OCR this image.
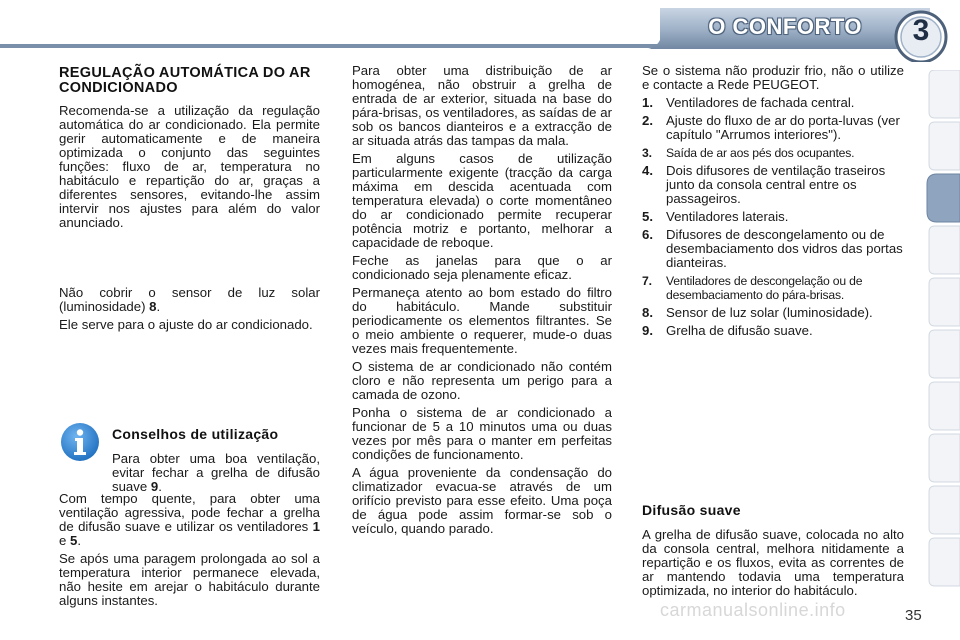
O CONFORTO	3
REGULAÇÃO AUTOMÁTICA DO AR CONDICIONADO

Recomenda-se a utilização da regulação automática do ar condicionado. Ela permite gerir automaticamente e de maneira optimizada o conjunto das seguintes funções: fluxo de ar, temperatura no habitáculo e repartição do ar, graças a diferentes sensores, evitando-lhe assim intervir nos ajustes para além do valor anunciado.

Não cobrir o sensor de luz solar (luminosidade) 8.

Ele serve para o ajuste do ar condicionado.

Conselhos de utilização

Para obter uma boa ventilação, evitar fechar a grelha de difusão suave 9.

Com tempo quente, para obter uma ventilação agressiva, pode fechar a grelha de difusão suave e utilizar os ventiladores 1 e 5.

Se após uma paragem prolongada ao sol a temperatura interior permanece elevada, não hesite em arejar o habitáculo durante alguns instantes.

Para obter uma distribuição de ar homogénea, não obstruir a grelha de entrada de ar exterior, situada na base do pára-brisas, os ventiladores, as saídas de ar sob os bancos dianteiros e a extracção de ar situada atrás das tampas da mala.

Em alguns casos de utilização particularmente exigente (tracção da carga máxima em descida acentuada com temperatura elevada) o corte momentâneo do ar condicionado permite recuperar potência motriz e portanto, melhorar a capacidade de reboque.

Feche as janelas para que o ar condicionado seja plenamente eficaz.

Permaneça atento ao bom estado do filtro do habitáculo. Mande substituir periodicamente os elementos filtrantes. Se o meio ambiente o requerer, mude-o duas vezes mais frequentemente.

O sistema de ar condicionado não contém cloro e não representa um perigo para a camada de ozono.

Ponha o sistema de ar condicionado a funcionar de 5 a 10 minutos uma ou duas vezes por mês para o manter em perfeitas condições de funcionamento.

A água proveniente da condensação do climatizador evacua-se através de um orifício previsto para esse efeito. Uma poça de água pode assim formar-se sob o veículo, quando parado.

Se o sistema não produzir frio, não o utilize e contacte a Rede PEUGEOT.

1. Ventiladores de fachada central.
2. Ajuste do fluxo de ar do porta-luvas (ver capítulo "Arrumos interiores").
3.	Saída de ar aos pés dos ocupantes.
4. Dois difusores de ventilação traseiros junto da consola central entre os passageiros.
5. Ventiladores laterais.
6. Difusores de descongelamento ou de desembaciamento dos vidros das portas dianteiras.
7.	Ventiladores de descongelação ou de desembaciamento do pára-brisas.
8. Sensor de luz solar (luminosidade).
9. Grelha de difusão suave.
Difusão suave

A grelha de difusão suave, colocada no alto da consola central, melhora nitidamente a repartição e os fluxos, evita as correntes de ar mantendo todavia uma temperatura optimizada, no interior do habitáculo.

carmanualsonline.info	35
